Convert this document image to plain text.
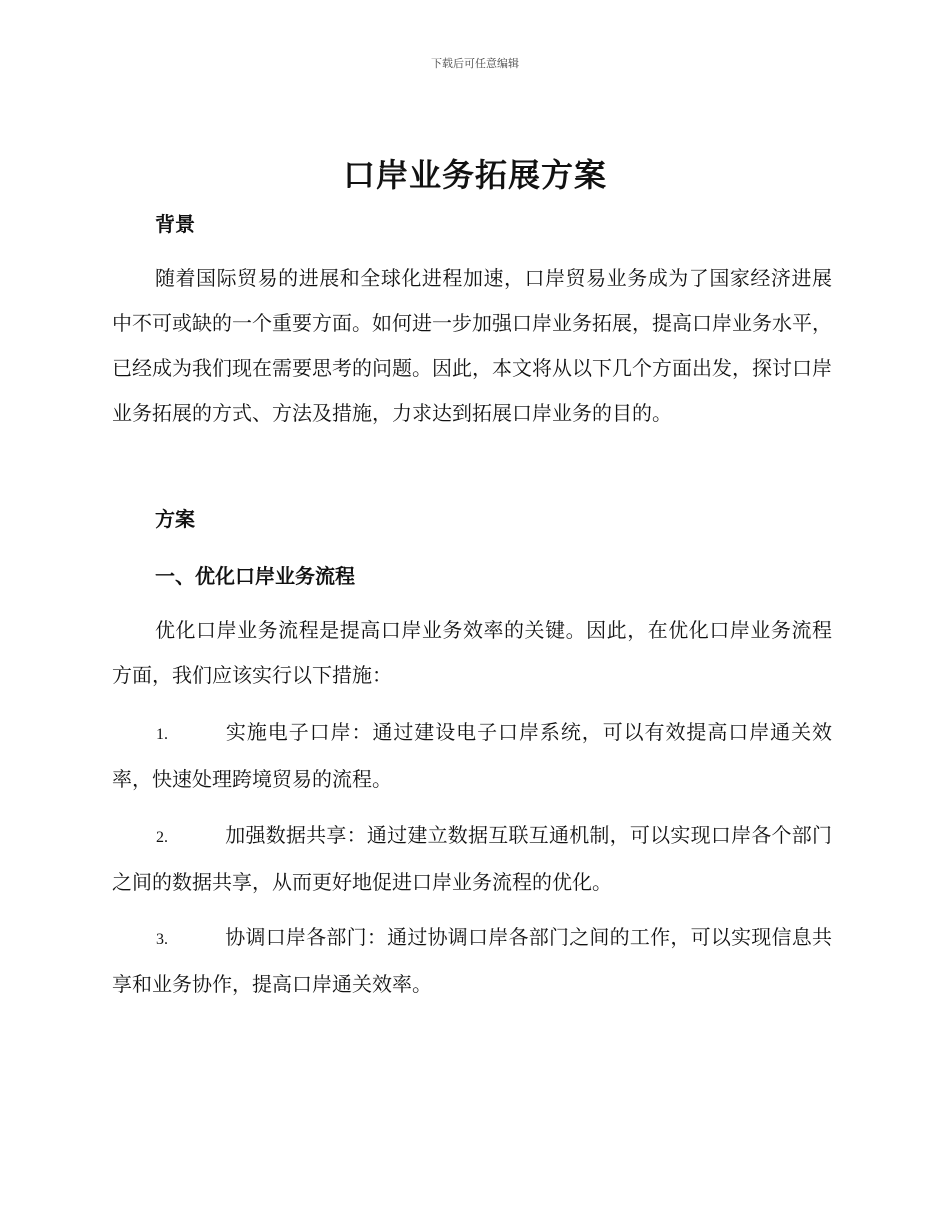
下载后可任意编辑
口岸业务拓展方案
背景

随着国际贸易的进展和全球化进程加速，口岸贸易业务成为了国家经济进展中不可或缺的一个重要方面。如何进一步加强口岸业务拓展，提高口岸业务水平，已经成为我们现在需要思考的问题。因此，本文将从以下几个方面出发，探讨口岸业务拓展的方式、方法及措施，力求达到拓展口岸业务的目的。

方案
一、优化口岸业务流程

优化口岸业务流程是提高口岸业务效率的关键。因此，在优化口岸业务流程方面，我们应该实行以下措施：

1.	实施电子口岸：通过建设电子口岸系统，可以有效提高口岸通关效率，快速处理跨境贸易的流程。

2.	加强数据共享：通过建立数据互联互通机制，可以实现口岸各个部门之间的数据共享，从而更好地促进口岸业务流程的优化。

3.	协调口岸各部门：通过协调口岸各部门之间的工作，可以实现信息共享和业务协作，提高口岸通关效率。
